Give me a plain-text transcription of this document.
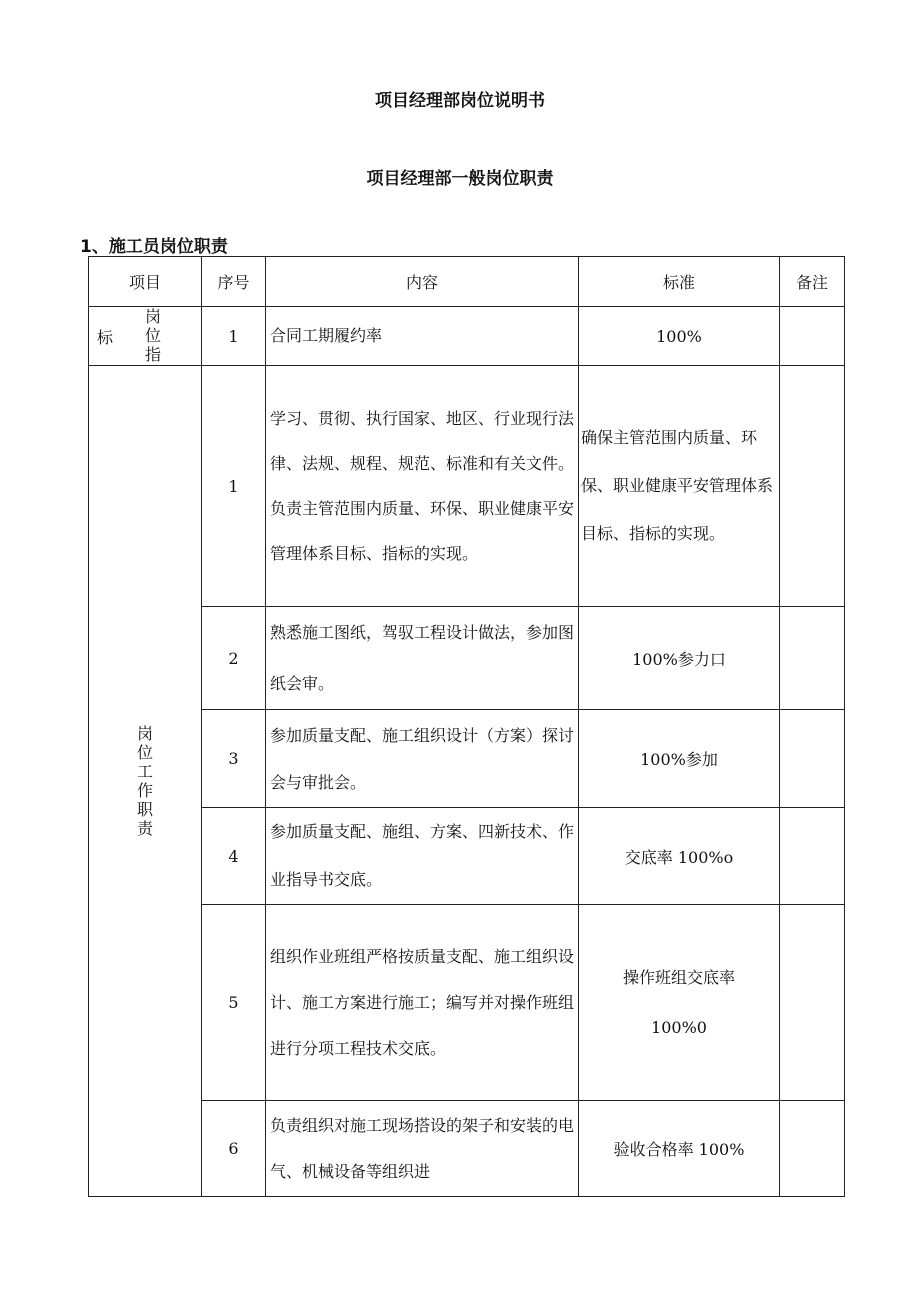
项目经理部岗位说明书
项目经理部一般岗位职责
1、施工员岗位职责
项目	序号	内容	标准	备注

标
岗位指	1	合同工期履约率	100%	
岗位工作职责	1	学习、贯彻、执行国家、地区、行业现行法律、法规、规程、规范、标准和有关文件。负责主管范围内质量、环保、职业健康平安管理体系目标、指标的实现。	确保主管范围内质量、环保、职业健康平安管理体系目标、指标的实现。	
	2	熟悉施工图纸，驾驭工程设计做法，参加图纸会审。	100%参力口	
	3	参加质量支配、施工组织设计（方案）探讨会与审批会。	100%参加	
	4	参加质量支配、施组、方案、四新技术、作业指导书交底。	交底率 100%o	
	5	组织作业班组严格按质量支配、施工组织设计、施工方案进行施工；编写并对操作班组进行分项工程技术交底。	操作班组交底率 100%0	

	6	负责组织对施工现场搭设的架子和安装的电气、机械设备等组织进	验收合格率 100%	
